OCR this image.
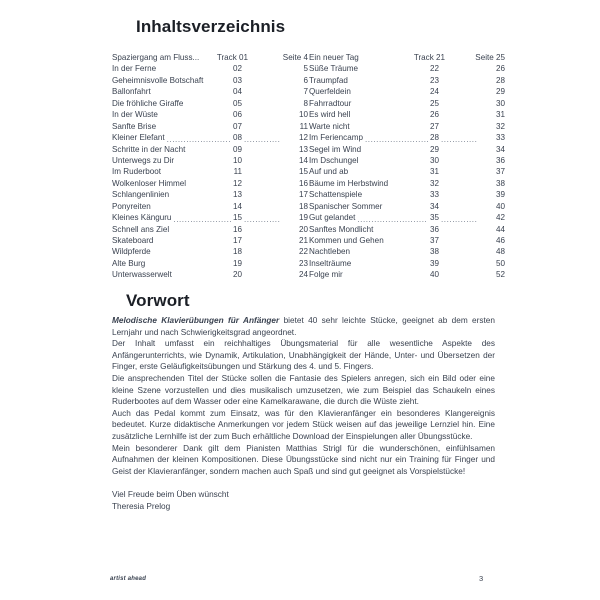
Inhaltsverzeichnis
Spaziergang am Fluss... ..... Track 01 .....	Seite 4
In der Ferne .....	02 .....	5
Geheimnisvolle Botschaft .....	03 .....	6
Ballonfahrt .....	04 .....	7
Die fröhliche Giraffe .....	05 .....	8
In der Wüste .....	06 .....	10
Sanfte Brise .....	07 .....	11
Kleiner Elefant .....	08 .....	12
Schritte in der Nacht .....	09 .....	13
Unterwegs zu Dir .....	10 .....	14
Im Ruderboot .....	11 .....	15
Wolkenloser Himmel .....	12 .....	16
Schlangenlinien .....	13 .....	17
Ponyreiten .....	14 .....	18
Kleines Känguru .....	15 .....	19
Schnell ans Ziel .....	16 .....	20
Skateboard .....	17 .....	21
Wildpferde .....	18 .....	22
Alte Burg .....	19 .....	23
Unterwasserwelt .....	20 .....	24
Ein neuer Tag .....	Track 21 .....	Seite 25
Süße Träume .....	22 .....	26
Traumpfad .....	23 .....	28
Querfeldein .....	24 .....	29
Fahrradtour .....	25 .....	30
Es wird hell .....	26 .....	31
Warte nicht .....	27 .....	32
Im Feriencamp .....	28 .....	33
Segel im Wind .....	29 .....	34
Im Dschungel .....	30 .....	36
Auf und ab .....	31 .....	37
Bäume im Herbstwind .....	32 .....	38
Schattenspiele .....	33 .....	39
Spanischer Sommer .....	34 .....	40
Gut gelandet .....	35 .....	42
Sanftes Mondlicht .....	36 .....	44
Kommen und Gehen .....	37 .....	46
Nachtleben .....	38 .....	48
Inselträume .....	39 .....	50
Folge mir .....	40 .....	52
Vorwort

Melodische Klavierübungen für Anfänger bietet 40 sehr leichte Stücke, geeignet ab dem ersten Lernjahr und nach Schwierigkeitsgrad angeordnet.

Der Inhalt umfasst ein reichhaltiges Übungsmaterial für alle wesentliche Aspekte des Anfängerunterrichts, wie Dynamik, Artikulation, Unabhängigkeit der Hände, Unter- und Übersetzen der Finger, erste Geläufigkeitsübungen und Stärkung des 4. und 5. Fingers.

Die ansprechenden Titel der Stücke sollen die Fantasie des Spielers anregen, sich ein Bild oder eine kleine Szene vorzustellen und dies musikalisch umzusetzen, wie zum Beispiel das Schaukeln eines Ruderbootes auf dem Wasser oder eine Kamelkarawane, die durch die Wüste zieht.

Auch das Pedal kommt zum Einsatz, was für den Klavieranfänger ein besonderes Klangereignis bedeutet. Kurze didaktische Anmerkungen vor jedem Stück weisen auf das jeweilige Lernziel hin. Eine zusätzliche Lernhilfe ist der zum Buch erhältliche Download der Einspielungen aller Übungsstücke.

Mein besonderer Dank gilt dem Pianisten Matthias Strigl für die wunderschönen, einfühlsamen Aufnahmen der kleinen Kompositionen. Diese Übungsstücke sind nicht nur ein Training für Finger und Geist der Klavieranfänger, sondern machen auch Spaß und sind gut geeignet als Vorspielstücke!

Viel Freude beim Üben wünscht

Theresia Prelog

artist ahead	3
